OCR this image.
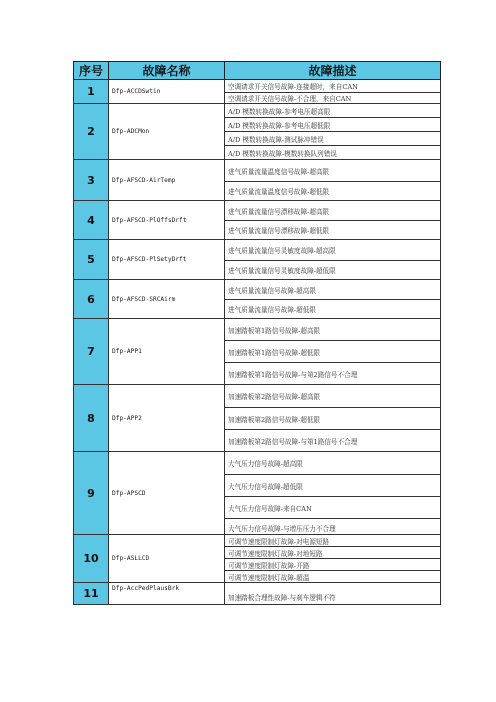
序号	故障名称	故障描述
1	Dfp-ACCDSwtin	空调请求开关信号故障-连接超时，来自CAN
		空调请求开关信号故障-不合理，来自CAN
2	Dfp-ADCMon	A/D 模数转换故障-参考电压超高限
		A/D 模数转换故障-参考电压超低限
		A/D 模数转换故障-测试脉冲错误
		A/D 模数转换故障-模数转换队列错误
3	Dfp-AFSCD-AirTemp	进气质量流量温度信号故障-超高限
		进气质量流量温度信号故障-超低限
4	Dfp-AFSCD-PlOffsDrft	进气质量流量信号漂移故障-超高限
		进气质量流量信号漂移故障-超低限
5	Dfp-AFSCD-PlSetyDrft	进气质量流量信号灵敏度故障-超高限
		进气质量流量信号灵敏度故障-超低限
6	Dfp-AFSCD-SRCAirm	进气质量流量信号故障-超高限
		进气质量流量信号故障-超低限
7	Dfp-APP1	加速踏板第1路信号故障-超高限
		加速踏板第1路信号故障-超低限
		加速踏板第1路信号故障-与第2路信号不合理
8	Dfp-APP2	加速踏板第2路信号故障-超高限
		加速踏板第2路信号故障-超低限
		加速踏板第2路信号故障-与第1路信号不合理
9	Dfp-APSCD	大气压力信号故障-超高限
		大气压力信号故障-超低限
		大气压力信号故障-来自CAN
		大气压力信号故障-与增压压力不合理
10	Dfp-ASLLCD	可调节速度限制灯故障-对电源短路
		可调节速度限制灯故障-对地短路
		可调节速度限制灯故障-开路
		可调节速度限制灯故障-超温
11	Dfp-AccPedPlausBrk	加速踏板合理性故障-与刹车逻辑不符
